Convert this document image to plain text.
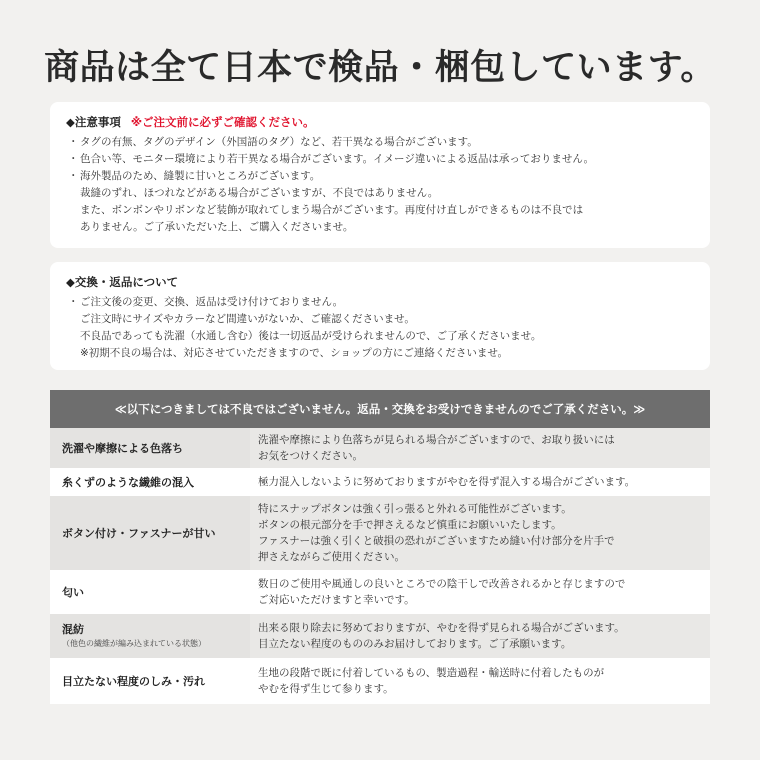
商品は全て日本で検品・梱包しています。
◆注意事項 ※ご注文前に必ずご確認ください。
・ タグの有無、タグのデザイン（外国語のタグ）など、若干異なる場合がございます。
・ 色合い等、モニター環境により若干異なる場合がございます。イメージ違いによる返品は承っておりません。
・ 海外製品のため、縫製に甘いところがございます。
裁縫のずれ、ほつれなどがある場合がございますが、不良ではありません。
また、ボンボンやリボンなど装飾が取れてしまう場合がございます。再度付け直しができるものは不良では
ありません。ご了承いただいた上、ご購入くださいませ。
◆交換・返品について
・ ご注文後の変更、交換、返品は受け付けておりません。
ご注文時にサイズやカラーなど間違いがないか、ご確認くださいませ。
不良品であっても洗濯（水通し含む）後は一切返品が受けられませんので、ご了承くださいませ。
※初期不良の場合は、対応させていただきますので、ショップの方にご連絡くださいませ。
≪以下につきましては不良ではございません。返品・交換をお受けできませんのでご了承ください。≫
洗濯や摩擦による色落ち
洗濯や摩擦により色落ちが見られる場合がございますので、お取り扱いには
お気をつけください。
糸くずのような繊維の混入	極力混入しないように努めておりますがやむを得ず混入する場合がございます。
ボタン付け・ファスナーが甘い
特にスナップボタンは強く引っ張ると外れる可能性がございます。
ボタンの根元部分を手で押さえるなど慎重にお願いいたします。
ファスナーは強く引くと破損の恐れがございますため縫い付け部分を片手で
押さえながらご使用ください。
匂い
数日のご使用や風通しの良いところでの陰干しで改善されるかと存じますので
ご対応いただけますと幸いです。
混紡
（他色の繊維が編み込まれている状態）
出来る限り除去に努めておりますが、やむを得ず見られる場合がございます。
目立たない程度のもののみお届けしております。ご了承願います。
目立たない程度のしみ・汚れ
生地の段階で既に付着しているもの、製造過程・輸送時に付着したものが
やむを得ず生じて参ります。
